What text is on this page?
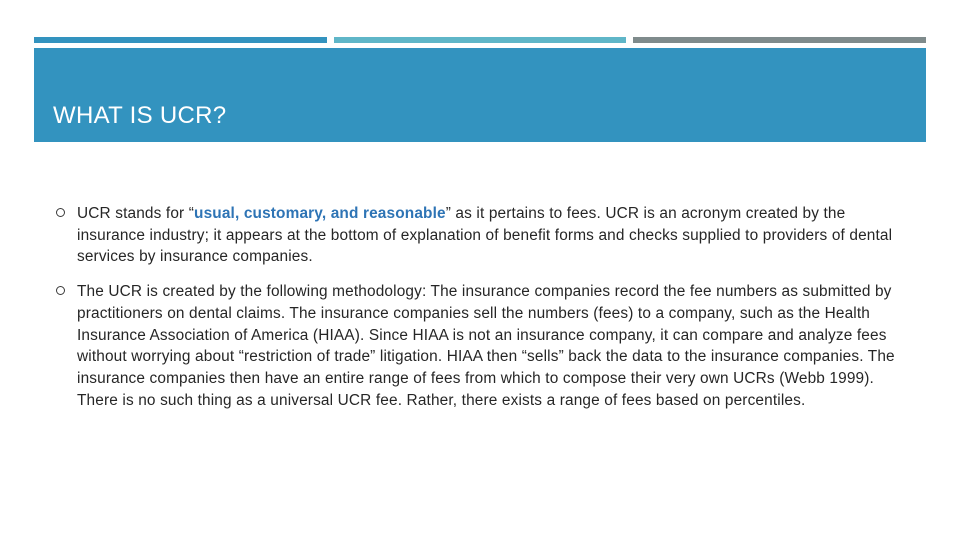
WHAT IS UCR?
UCR stands for “usual, customary, and reasonable” as it pertains to fees. UCR is an acronym created by the insurance industry; it appears at the bottom of explanation of benefit forms and checks supplied to providers of dental services by insurance companies.
The UCR is created by the following methodology: The insurance companies record the fee numbers as submitted by practitioners on dental claims. The insurance companies sell the numbers (fees) to a company, such as the Health Insurance Association of America (HIAA). Since HIAA is not an insurance company, it can compare and analyze fees without worrying about “restriction of trade” litigation. HIAA then “sells” back the data to the insurance companies. The insurance companies then have an entire range of fees from which to compose their very own UCRs (Webb 1999). There is no such thing as a universal UCR fee. Rather, there exists a range of fees based on percentiles.
